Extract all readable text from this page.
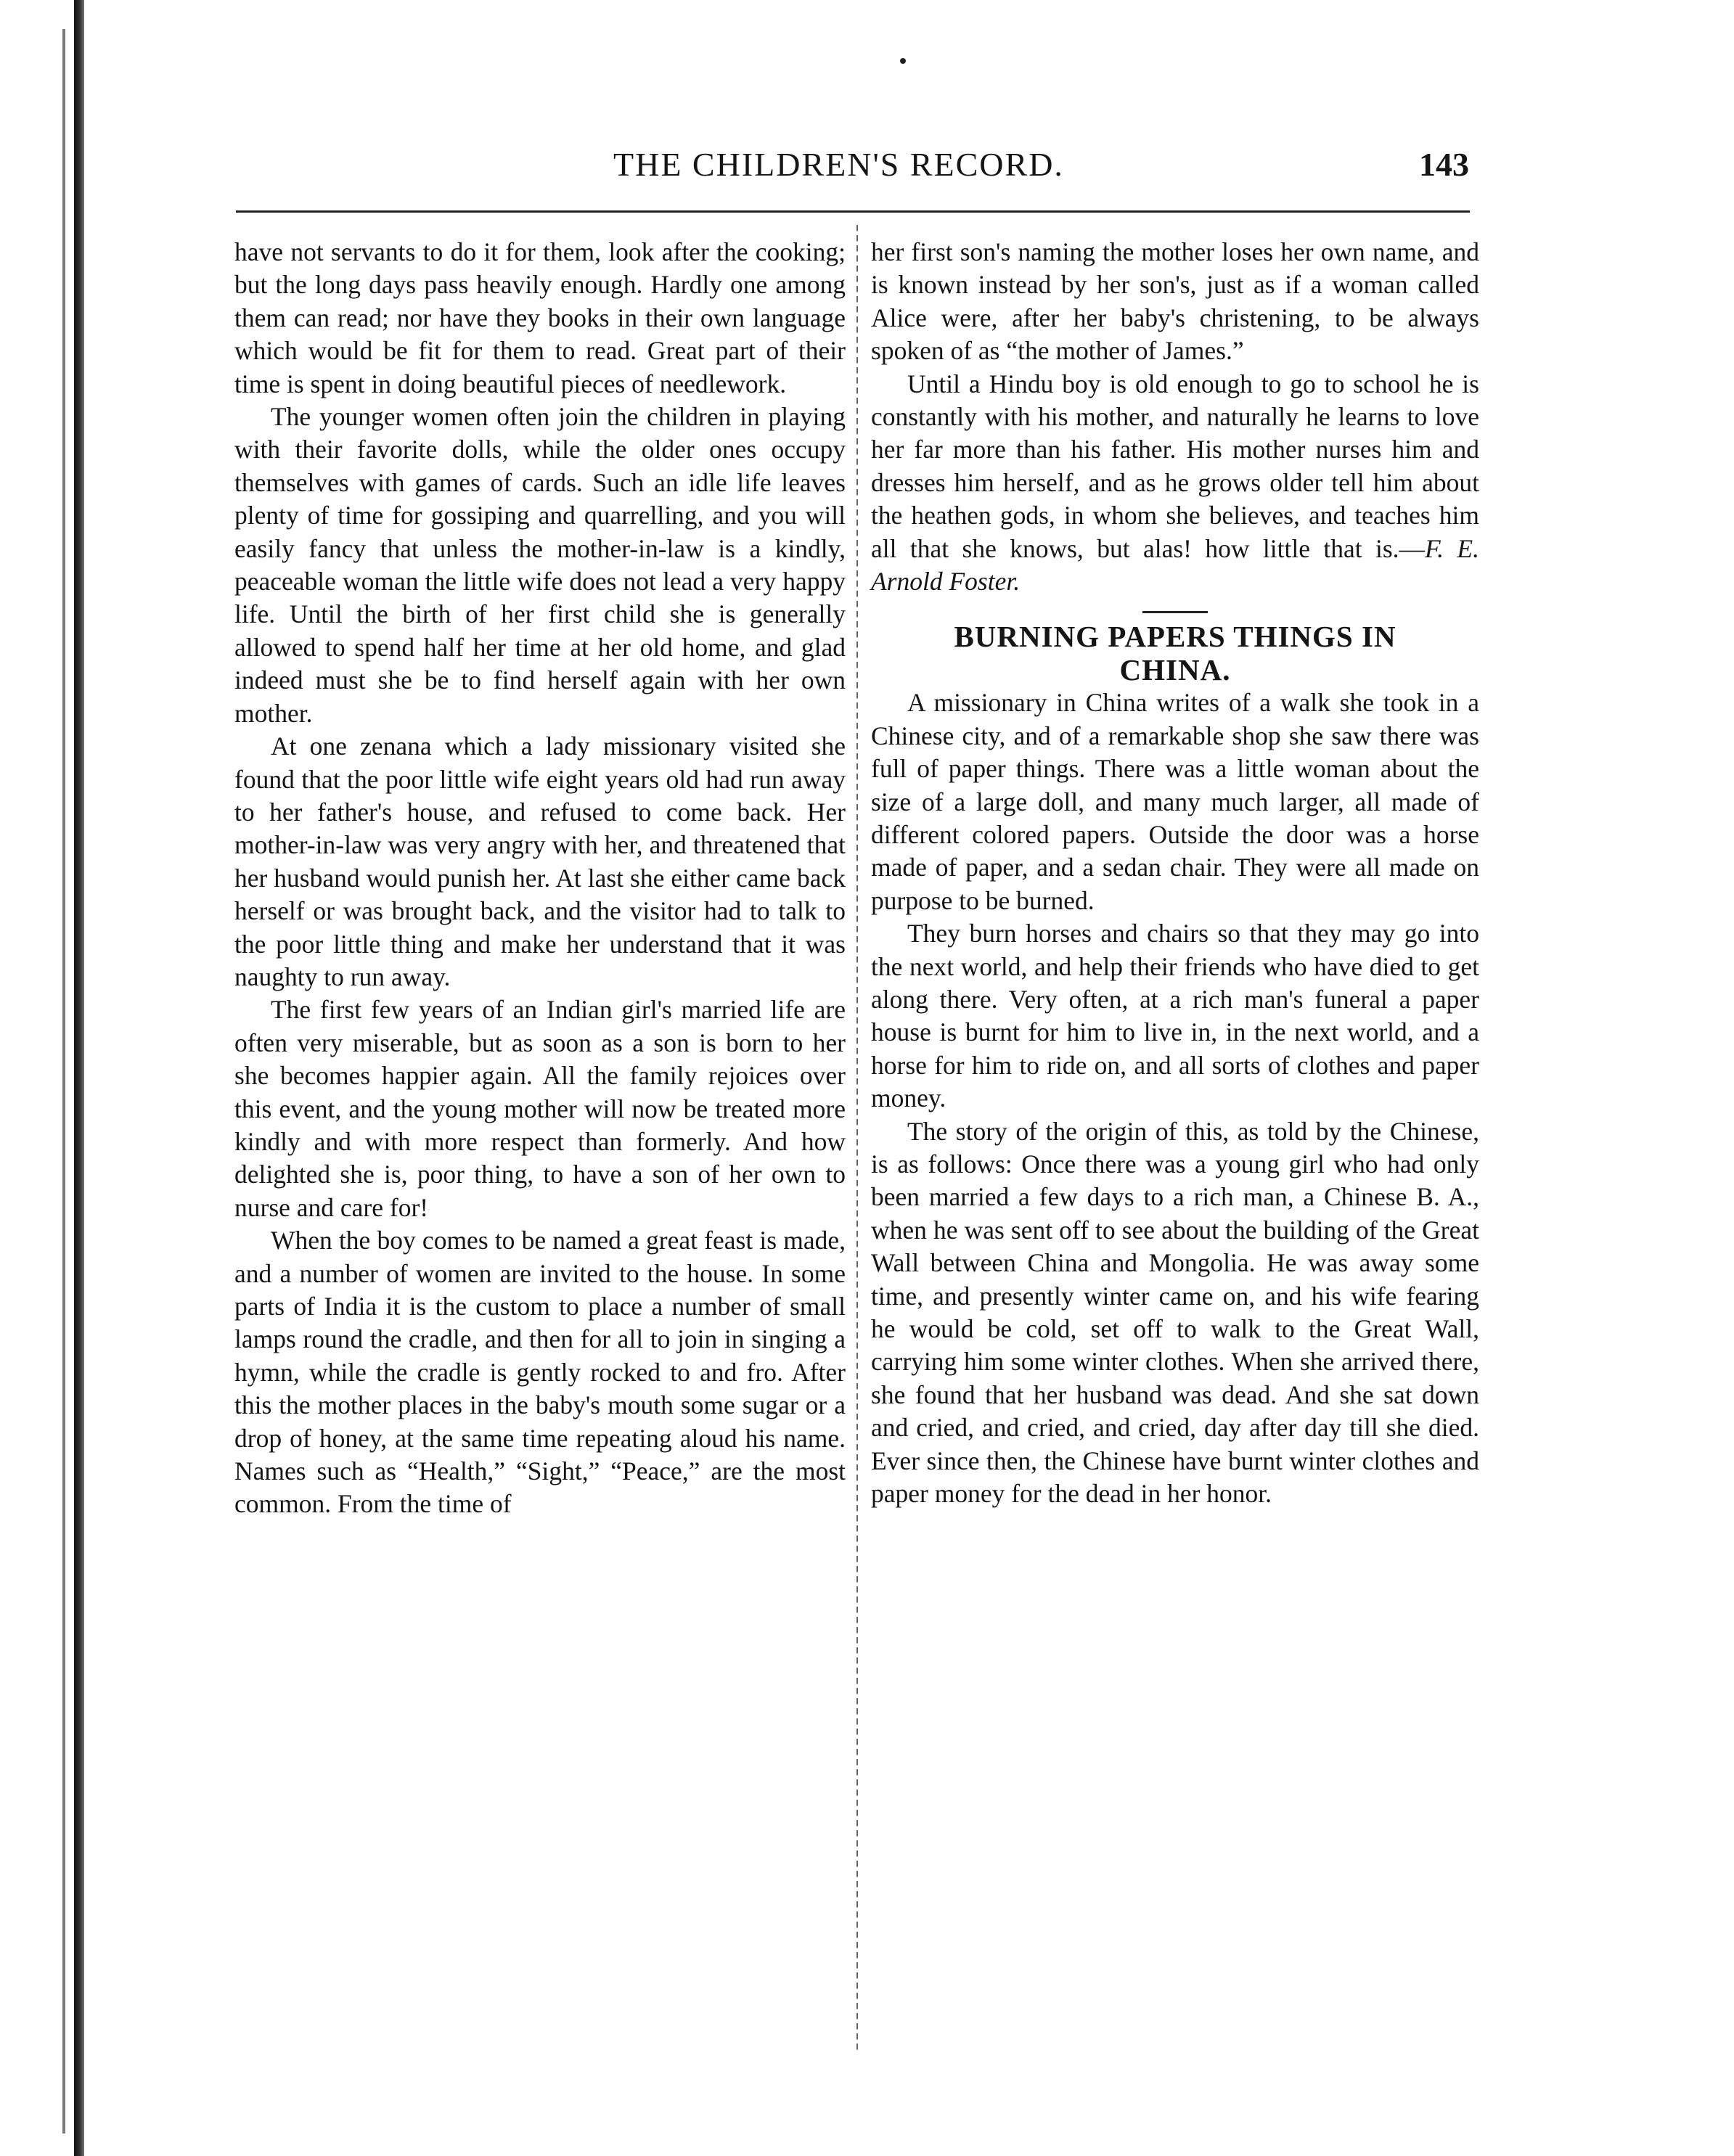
THE CHILDREN'S RECORD.	143

have not servants to do it for them, look after the cooking; but the long days pass heavily enough. Hardly one among them can read; nor have they books in their own language which would be fit for them to read. Great part of their time is spent in doing beautiful pieces of needlework.

The younger women often join the children in playing with their favorite dolls, while the older ones occupy themselves with games of cards. Such an idle life leaves plenty of time for gossiping and quarrelling, and you will easily fancy that unless the mother-in-law is a kindly, peaceable woman the little wife does not lead a very happy life. Until the birth of her first child she is generally allowed to spend half her time at her old home, and glad indeed must she be to find herself again with her own mother.

At one zenana which a lady missionary visited she found that the poor little wife eight years old had run away to her father's house, and refused to come back. Her mother-in-law was very angry with her, and threatened that her husband would punish her. At last she either came back herself or was brought back, and the visitor had to talk to the poor little thing and make her understand that it was naughty to run away.

The first few years of an Indian girl's married life are often very miserable, but as soon as a son is born to her she becomes happier again. All the family rejoices over this event, and the young mother will now be treated more kindly and with more respect than formerly. And how delighted she is, poor thing, to have a son of her own to nurse and care for!

When the boy comes to be named a great feast is made, and a number of women are invited to the house. In some parts of India it is the custom to place a number of small lamps round the cradle, and then for all to join in singing a hymn, while the cradle is gently rocked to and fro. After this the mother places in the baby's mouth some sugar or a drop of honey, at the same time repeating aloud his name. Names such as “Health,” “Sight,” “Peace,” are the most common. From the time of

her first son's naming the mother loses her own name, and is known instead by her son's, just as if a woman called Alice were, after her baby's christening, to be always spoken of as “the mother of James.”

Until a Hindu boy is old enough to go to school he is constantly with his mother, and naturally he learns to love her far more than his father. His mother nurses him and dresses him herself, and as he grows older tell him about the heathen gods, in whom she believes, and teaches him all that she knows, but alas! how little that is.—F. E. Arnold Foster.

BURNING PAPERS THINGS IN
CHINA.

A missionary in China writes of a walk she took in a Chinese city, and of a remarkable shop she saw there was full of paper things. There was a little woman about the size of a large doll, and many much larger, all made of different colored papers. Outside the door was a horse made of paper, and a sedan chair. They were all made on purpose to be burned.

They burn horses and chairs so that they may go into the next world, and help their friends who have died to get along there. Very often, at a rich man's funeral a paper house is burnt for him to live in, in the next world, and a horse for him to ride on, and all sorts of clothes and paper money.

The story of the origin of this, as told by the Chinese, is as follows: Once there was a young girl who had only been married a few days to a rich man, a Chinese B. A., when he was sent off to see about the building of the Great Wall between China and Mongolia. He was away some time, and presently winter came on, and his wife fearing he would be cold, set off to walk to the Great Wall, carrying him some winter clothes. When she arrived there, she found that her husband was dead. And she sat down and cried, and cried, and cried, day after day till she died. Ever since then, the Chinese have burnt winter clothes and paper money for the dead in her honor.
